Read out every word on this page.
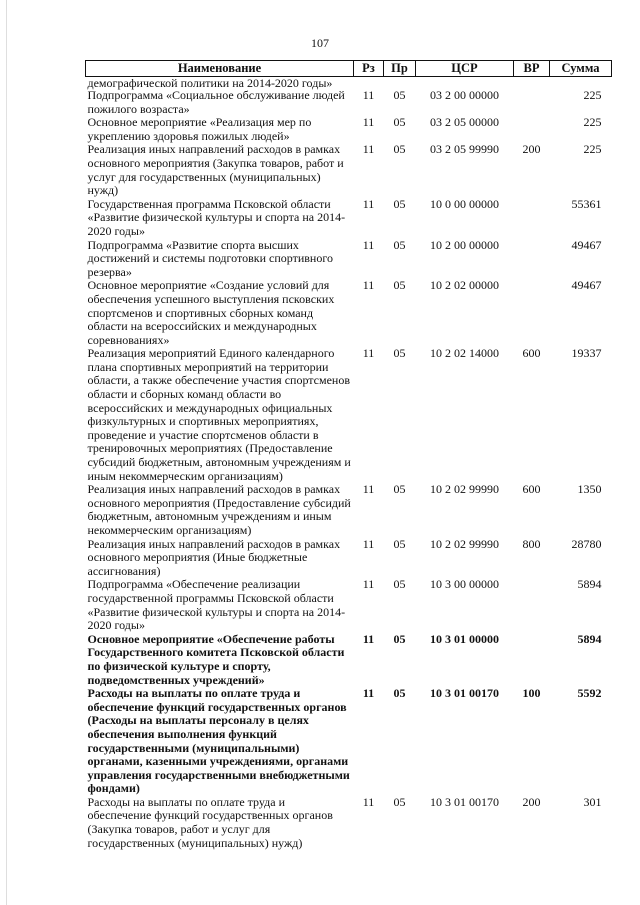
107
Наименование	Рз	Пр	ЦСР	ВР	Сумма
демографической политики на 2014-2020 годы»					
Подпрограмма «Социальное обслуживание людей пожилого возраста»	11	05	03 2 00 00000		225
Основное мероприятие «Реализация мер по укреплению здоровья пожилых людей»	11	05	03 2 05 00000		225
Реализация иных направлений расходов в рамках основного мероприятия (Закупка товаров, работ и услуг для государственных (муниципальных) нужд)	11	05	03 2 05 99990	200	225
Государственная программа Псковской области «Развитие физической культуры и спорта на 2014-2020 годы»	11	05	10 0 00 00000		55361
Подпрограмма «Развитие спорта высших достижений и системы подготовки спортивного резерва»	11	05	10 2 00 00000		49467
Основное мероприятие «Создание условий для обеспечения успешного выступления псковских спортсменов и спортивных сборных команд области на всероссийских и международных соревнованиях»	11	05	10 2 02 00000		49467
Реализация мероприятий Единого календарного плана спортивных мероприятий на территории области, а также обеспечение участия спортсменов области и сборных команд области во всероссийских и международных официальных физкультурных и спортивных мероприятиях, проведение и участие спортсменов области в тренировочных мероприятиях (Предоставление субсидий бюджетным, автономным учреждениям и иным некоммерческим организациям)	11	05	10 2 02 14000	600	19337
Реализация иных направлений расходов в рамках основного мероприятия (Предоставление субсидий бюджетным, автономным учреждениям и иным некоммерческим организациям)	11	05	10 2 02 99990	600	1350
Реализация иных направлений расходов в рамках основного мероприятия (Иные бюджетные ассигнования)	11	05	10 2 02 99990	800	28780
Подпрограмма «Обеспечение реализации государственной программы Псковской области «Развитие физической культуры и спорта на 2014-2020 годы»	11	05	10 3 00 00000		5894
Основное мероприятие «Обеспечение работы Государственного комитета Псковской области по физической культуре и спорту, подведомственных учреждений»	11	05	10 3 01 00000		5894
Расходы на выплаты по оплате труда и обеспечение функций государственных органов (Расходы на выплаты персоналу в целях обеспечения выполнения функций государственными (муниципальными) органами, казенными учреждениями, органами управления государственными внебюджетными фондами)	11	05	10 3 01 00170	100	5592
Расходы на выплаты по оплате труда и обеспечение функций государственных органов (Закупка товаров, работ и услуг для государственных (муниципальных) нужд)	11	05	10 3 01 00170	200	301
